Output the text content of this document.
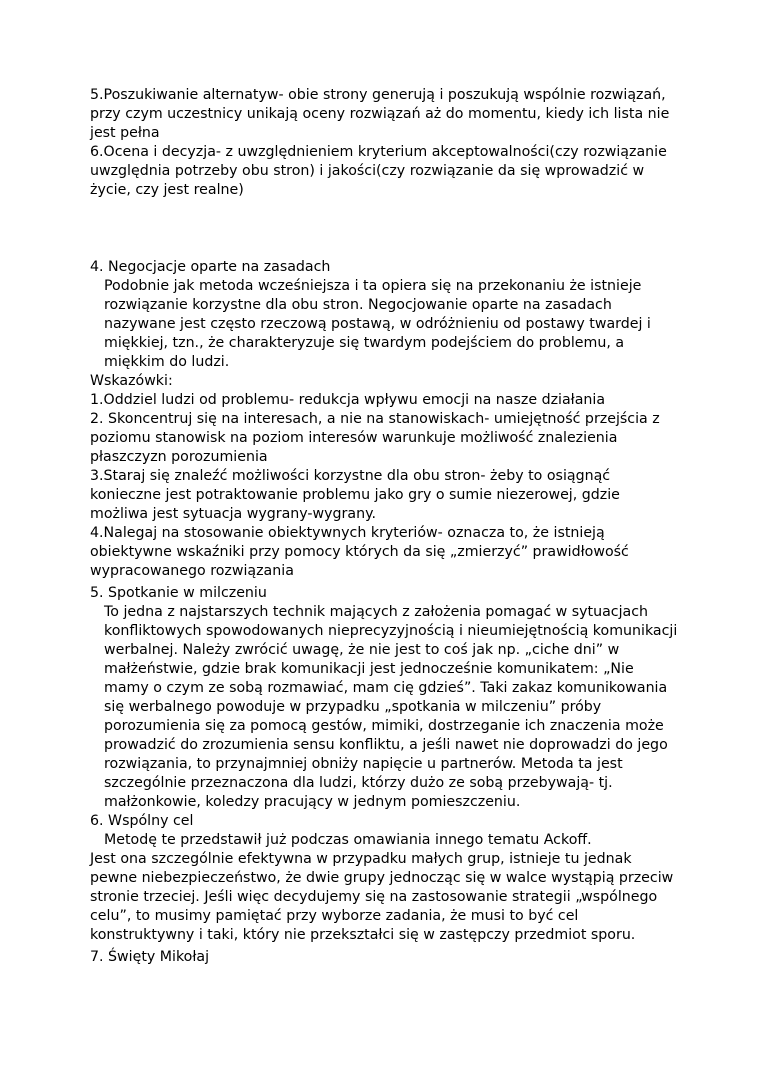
5.Poszukiwanie alternatyw- obie strony generują i poszukują wspólnie rozwiązań, przy czym uczestnicy unikają oceny rozwiązań aż do momentu, kiedy ich lista nie jest pełna

6.Ocena i decyzja- z uwzględnieniem kryterium akceptowalności(czy rozwiązanie uwzględnia potrzeby obu stron) i jakości(czy rozwiązanie da się wprowadzić w życie, czy jest realne)

4. Negocjacje oparte na zasadach

Podobnie jak metoda wcześniejsza i ta opiera się na przekonaniu że istnieje rozwiązanie korzystne dla obu stron. Negocjowanie oparte na zasadach nazywane jest często rzeczową postawą, w odróżnieniu od postawy twardej i miękkiej, tzn., że charakteryzuje się twardym podejściem do problemu, a miękkim do ludzi.

Wskazówki:

1.Oddziel ludzi od problemu- redukcja wpływu emocji na nasze działania

2. Skoncentruj się na interesach, a nie na stanowiskach- umiejętność przejścia z poziomu stanowisk na poziom interesów warunkuje możliwość znalezienia płaszczyzn porozumienia

3.Staraj się znaleźć możliwości korzystne dla obu stron- żeby to osiągnąć konieczne jest potraktowanie problemu jako gry o sumie niezerowej, gdzie możliwa jest sytuacja wygrany-wygrany.

4.Nalegaj na stosowanie obiektywnych kryteriów- oznacza to, że istnieją obiektywne wskaźniki przy pomocy których da się „zmierzyć” prawidłowość wypracowanego rozwiązania

5. Spotkanie w milczeniu

To jedna z najstarszych technik mających z założenia pomagać w sytuacjach konfliktowych spowodowanych nieprecyzyjnością i nieumiejętnością komunikacji werbalnej. Należy zwrócić uwagę, że nie jest to coś jak np. „ciche dni” w małżeństwie, gdzie brak komunikacji jest jednocześnie komunikatem: „Nie mamy o czym ze sobą rozmawiać, mam cię gdzieś”. Taki zakaz komunikowania się werbalnego powoduje w przypadku „spotkania w milczeniu” próby porozumienia się za pomocą gestów, mimiki, dostrzeganie ich znaczenia może prowadzić do zrozumienia sensu konfliktu, a jeśli nawet nie doprowadzi do jego rozwiązania, to przynajmniej obniży napięcie u partnerów. Metoda ta jest szczególnie przeznaczona dla ludzi, którzy dużo ze sobą przebywają- tj. małżonkowie, koledzy pracujący w jednym pomieszczeniu.

6. Wspólny cel

Metodę te przedstawił już podczas omawiania innego tematu Ackoff.

Jest ona szczególnie efektywna w przypadku małych grup, istnieje tu jednak pewne niebezpieczeństwo, że dwie grupy jednocząc się w walce wystąpią przeciw stronie trzeciej. Jeśli więc decydujemy się na zastosowanie strategii „wspólnego celu”, to musimy pamiętać przy wyborze zadania, że musi to być cel konstruktywny i taki, który nie przekształci się w zastępczy przedmiot sporu.

7. Święty Mikołaj
